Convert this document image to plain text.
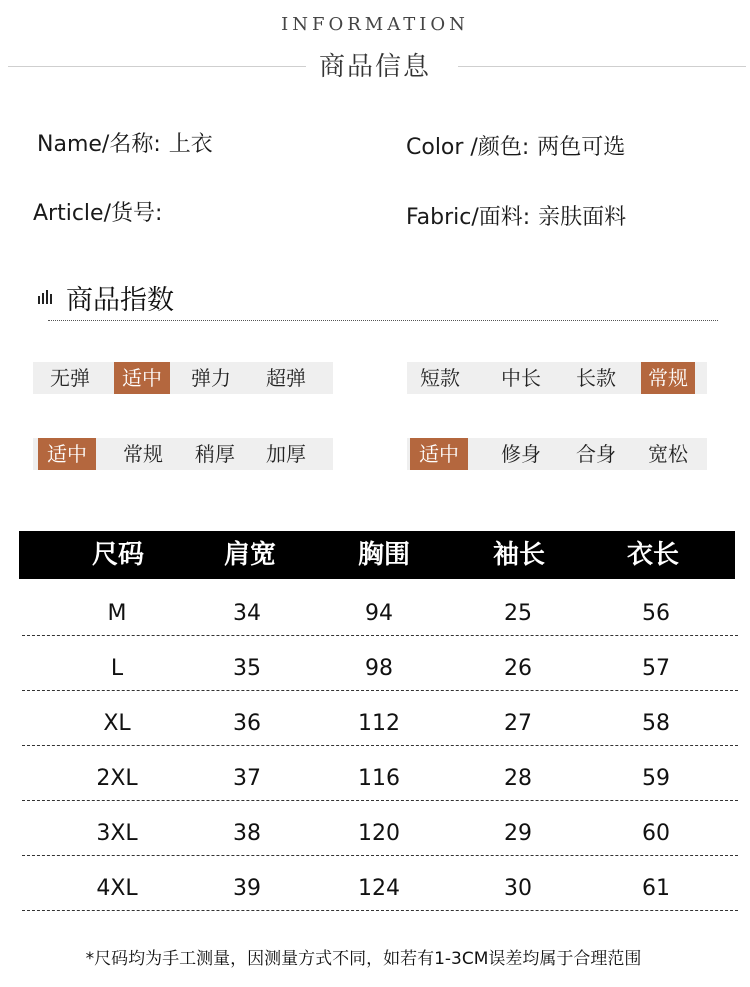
INFORMATION
商品信息
Name/名称: 上衣	Color /颜色: 两色可选
Article/货号:	Fabric/面料: 亲肤面料
商品指数
无弹	适中	弹力	超弹	短款	中长	长款	常规
适中	常规	稍厚	加厚	适中	修身	合身	宽松
尺码	肩宽	胸围	袖长	衣长
M	34	94	25	56
L	35	98	26	57
XL	36	112	27	58
2XL	37	116	28	59
3XL	38	120	29	60
4XL	39	124	30	61
*尺码均为手工测量，因测量方式不同，如若有1-3CM误差均属于合理范围
